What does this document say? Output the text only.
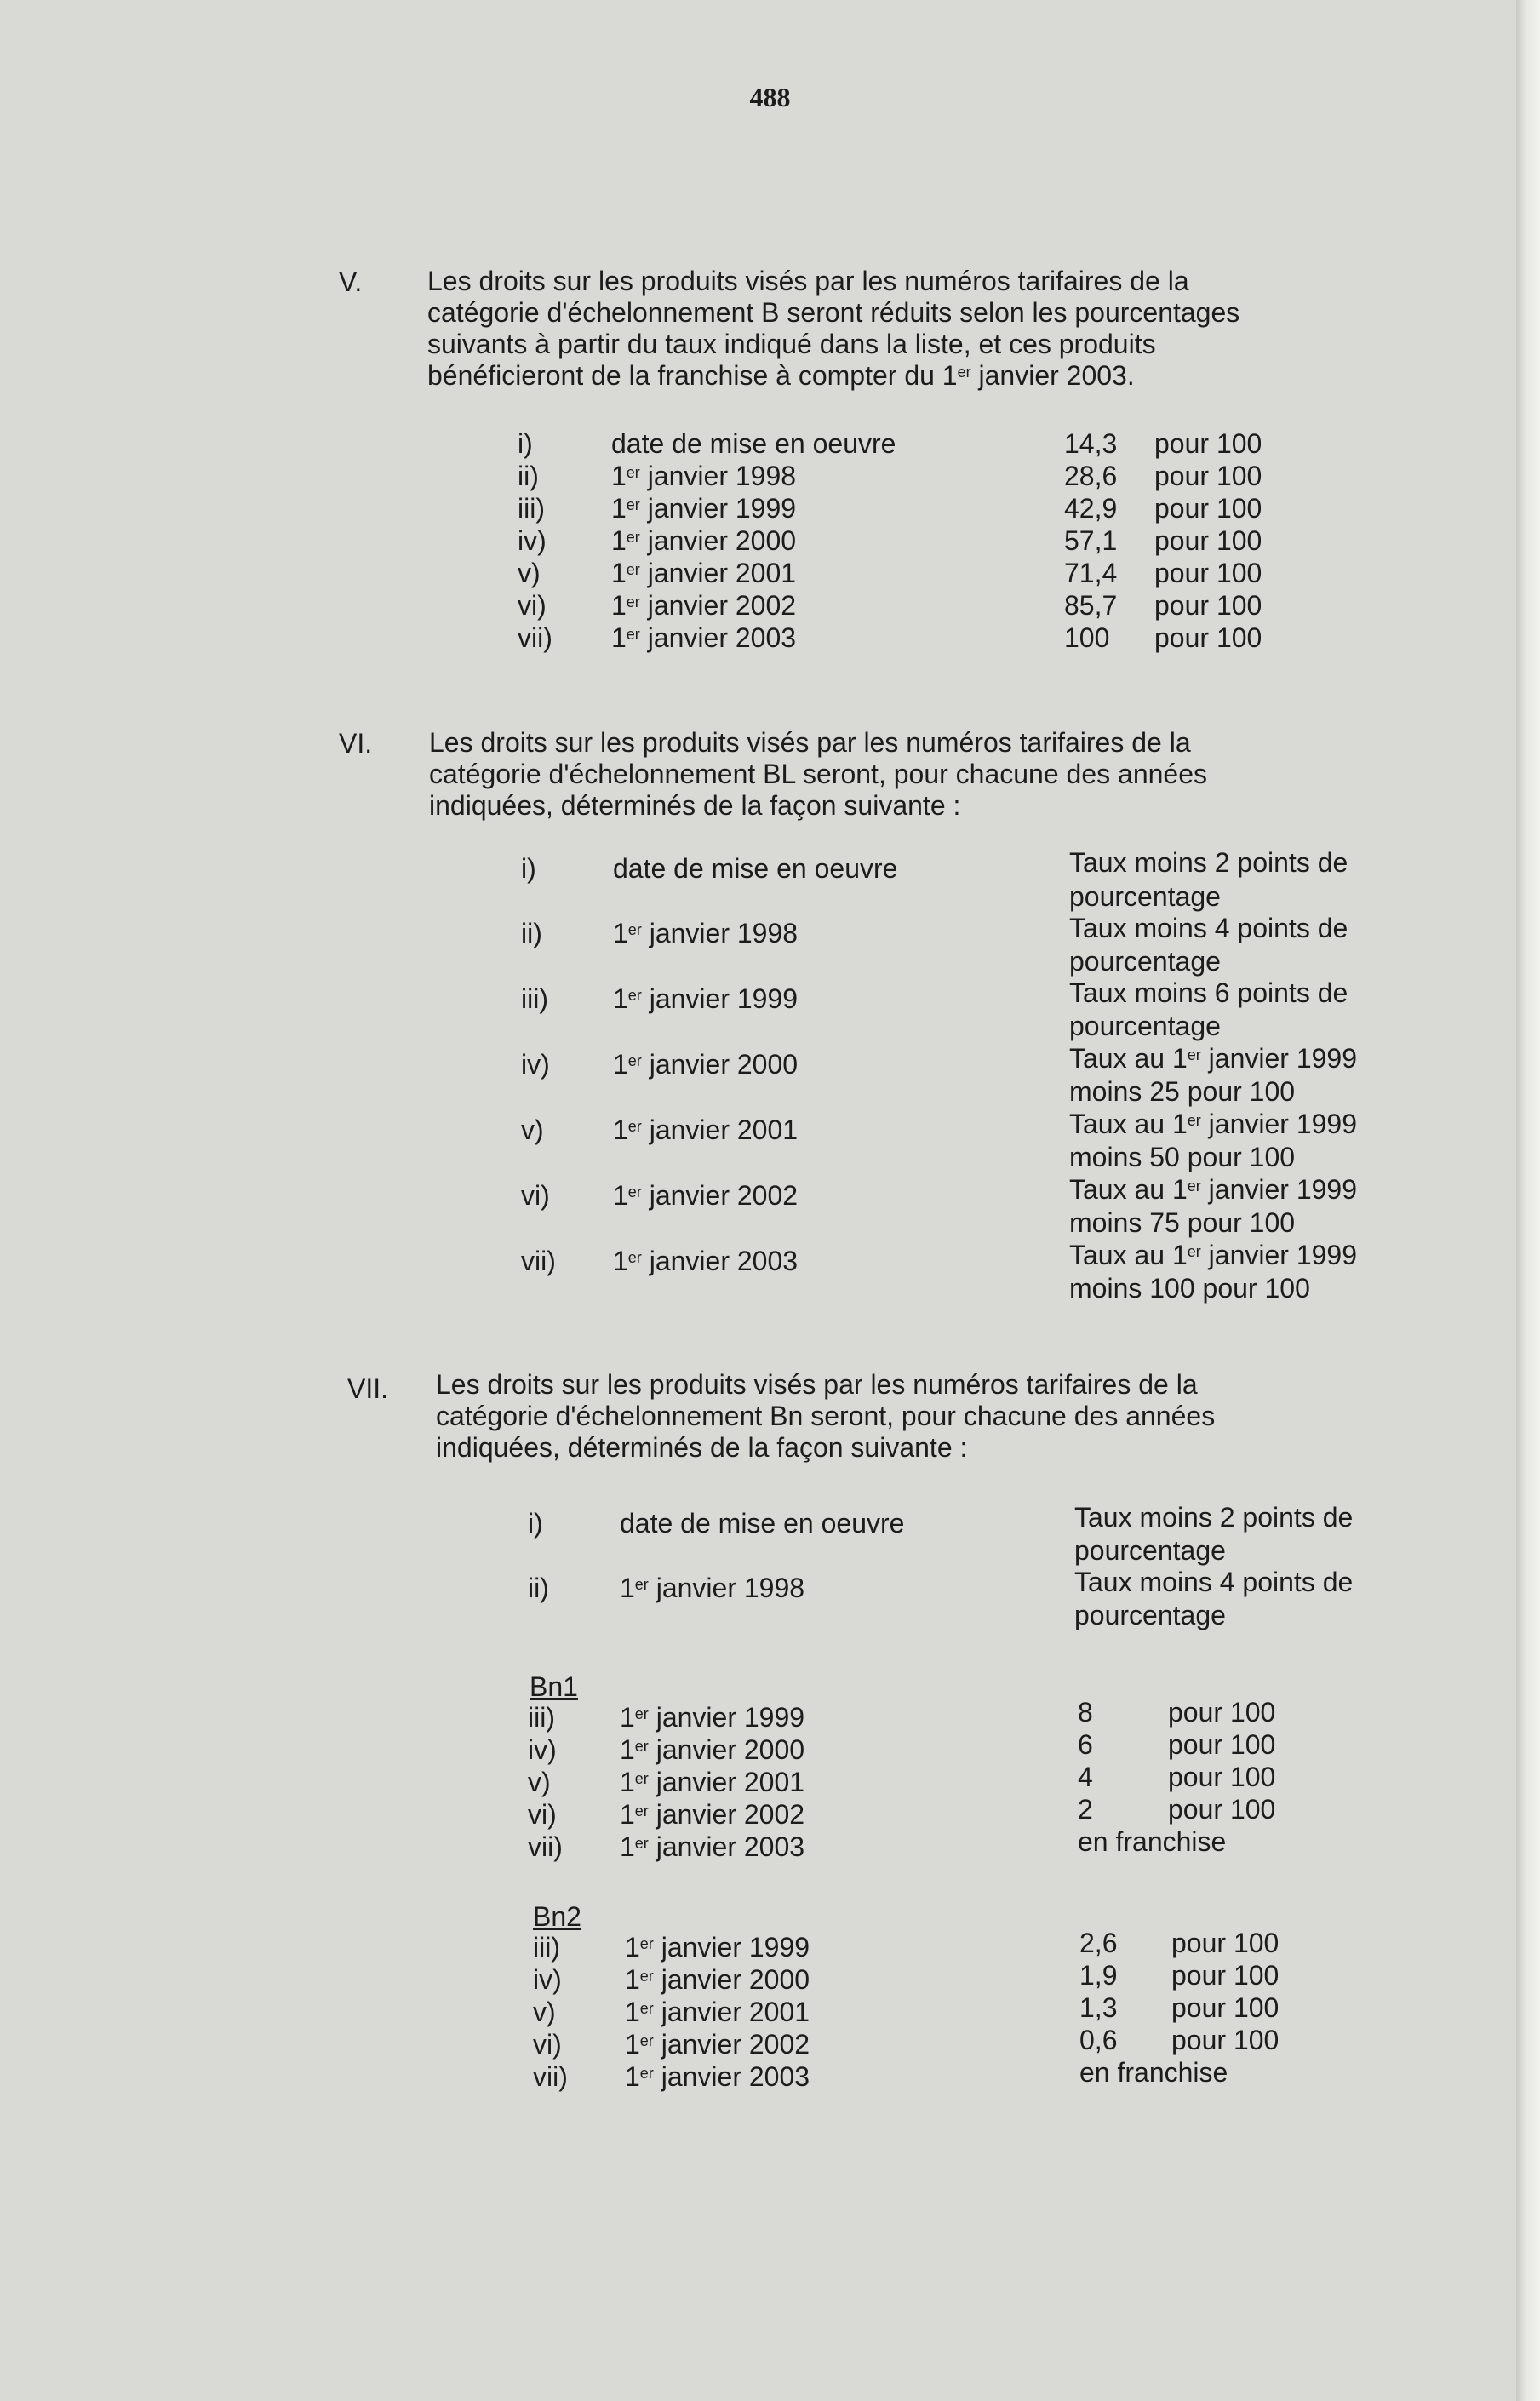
488
V. Les droits sur les produits visés par les numéros tarifaires de la
catégorie d'échelonnement B seront réduits selon les pourcentages
suivants à partir du taux indiqué dans la liste, et ces produits
bénéficieront de la franchise à compter du 1er janvier 2003.
i)	date de mise en oeuvre	14,3 pour 100
ii)	1er janvier 1998	28,6 pour 100
iii) 1er janvier 1999	42,9 pour 100
iv) 1er janvier 2000	57,1 pour 100
v)	1er janvier 2001	71,4 pour 100
vi) 1er janvier 2002	85,7 pour 100
vii) 1er janvier 2003	100 pour 100
VI. Les droits sur les produits visés par les numéros tarifaires de la
catégorie d'échelonnement BL seront, pour chacune des années
indiquées, déterminés de la façon suivante :
i)	date de mise en oeuvre	Taux moins 2 points de
pourcentage
ii)	1er janvier 1998	Taux moins 4 points de
pourcentage
iii) 1er janvier 1999	Taux moins 6 points de
pourcentage
iv) 1er janvier 2000	Taux au 1er janvier 1999
moins 25 pour 100
v)	1er janvier 2001	Taux au 1er janvier 1999
moins 50 pour 100
vi) 1er janvier 2002	Taux au 1er janvier 1999
moins 75 pour 100
vii) 1er janvier 2003	Taux au 1er janvier 1999
moins 100 pour 100
VII. Les droits sur les produits visés par les numéros tarifaires de la
catégorie d'échelonnement Bn seront, pour chacune des années
indiquées, déterminés de la façon suivante :
i)	date de mise en oeuvre	Taux moins 2 points de
pourcentage
ii)	1er janvier 1998	Taux moins 4 points de
pourcentage
Bn1
iii) 1er janvier 1999	8	pour 100
iv) 1er janvier 2000	6	pour 100
v)	1er janvier 2001	4	pour 100
vi) 1er janvier 2002	2	pour 100
vii) 1er janvier 2003	en franchise
Bn2
iii) 1er janvier 1999	2,6 pour 100
iv) 1er janvier 2000	1,9 pour 100
v)	1er janvier 2001	1,3 pour 100
vi) 1er janvier 2002	0,6 pour 100
vii) 1er janvier 2003	en franchise
